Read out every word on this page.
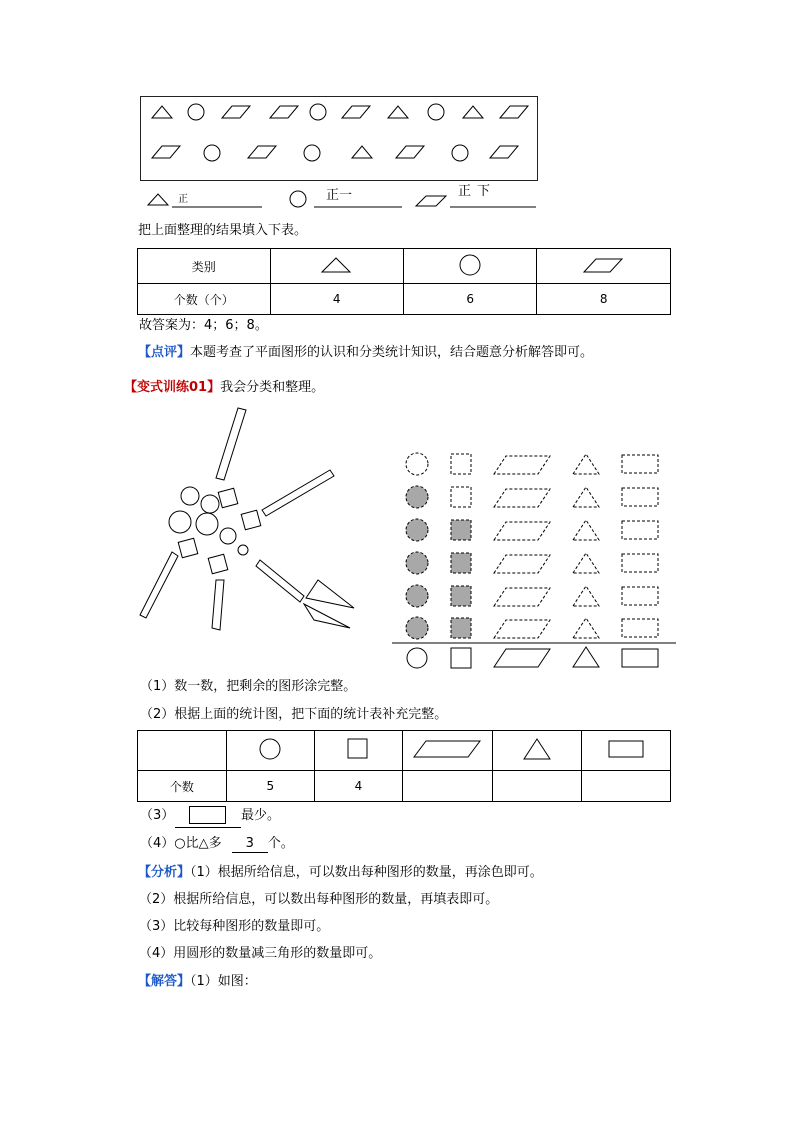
正	正一	正下
把上面整理的结果填入下表。
类别			
个数（个）	4	6	8
故答案为：4；6；8。
【点评】本题考查了平面图形的认识和分类统计知识，结合题意分析解答即可。
【变式训练01】我会分类和整理。
（1）数一数，把剩余的图形涂完整。
（2）根据上面的统计图，把下面的统计表补充完整。

个数	5	4			
（3）	最少。
（4）○比△多 3 个。
【分析】（1）根据所给信息，可以数出每种图形的数量，再涂色即可。
（2）根据所给信息，可以数出每种图形的数量，再填表即可。
（3）比较每种图形的数量即可。
（4）用圆形的数量减三角形的数量即可。
【解答】（1）如图：
